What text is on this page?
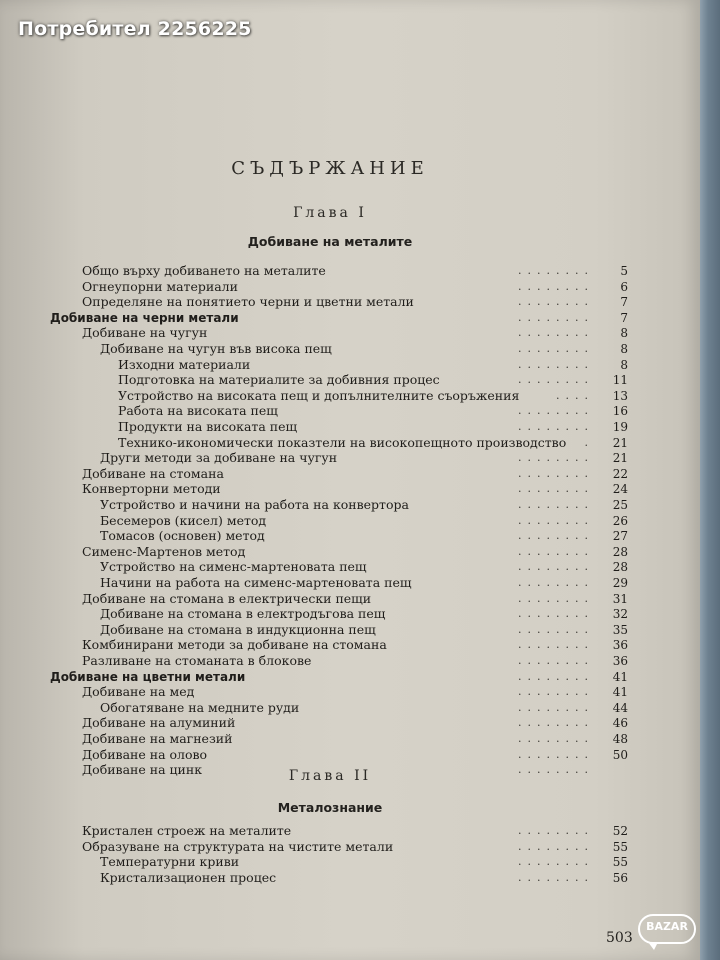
Потребител 2256225
СЪДЪРЖАНИЕ
Глава I
Добиване на металите
Глава II
Металознание
Общо върху добиването на металите	........	5
Огнеупорни материали	........	6
Определяне на понятието черни и цветни метали	........	7
Добиване на черни метали	........	7
Добиване на чугун	........	8
Добиване на чугун във висока пещ	........	8
Изходни материали	........	8
Подготовка на материалите за добивния процес	........	11
Устройство на високата пещ и допълнителните съоръжения	....	13
Работа на високата пещ	........	16
Продукти на високата пещ	........	19
Технико-икономически показтели на високопещното производство .	21
Други методи за добиване на чугун	........	21
Добиване на стомана	........	22
Конверторни методи	........	24
Устройство и начини на работа на конвертора	........	25
Бесемеров (кисел) метод	........	26
Томасов (основен) метод	........	27
Сименс-Мартенов метод	........	28
Устройство на сименс-мартеновата пещ	........	28
Начини на работа на сименс-мартеновата пещ	........	29
Добиване на стомана в електрически пещи	........	31
Добиване на стомана в електродъгова пещ	........	32
Добиване на стомана в индукционна пещ	........	35
Комбинирани методи за добиване на стомана	........	36
Разливане на стоманата в блокове	........	36
Добиване на цветни метали	........	41
Добиване на мед	........	41
Обогатяване на медните руди	........	44
Добиване на алуминий	........	46
Добиване на магнезий	........	48
Добиване на олово	........	50
Добиване на цинк	........
Кристален строеж на металите	........	52
Образуване на структурата на чистите метали	........	55
Температурни криви	........	55
Кристализационен процес	........	56
503
BAZAR
